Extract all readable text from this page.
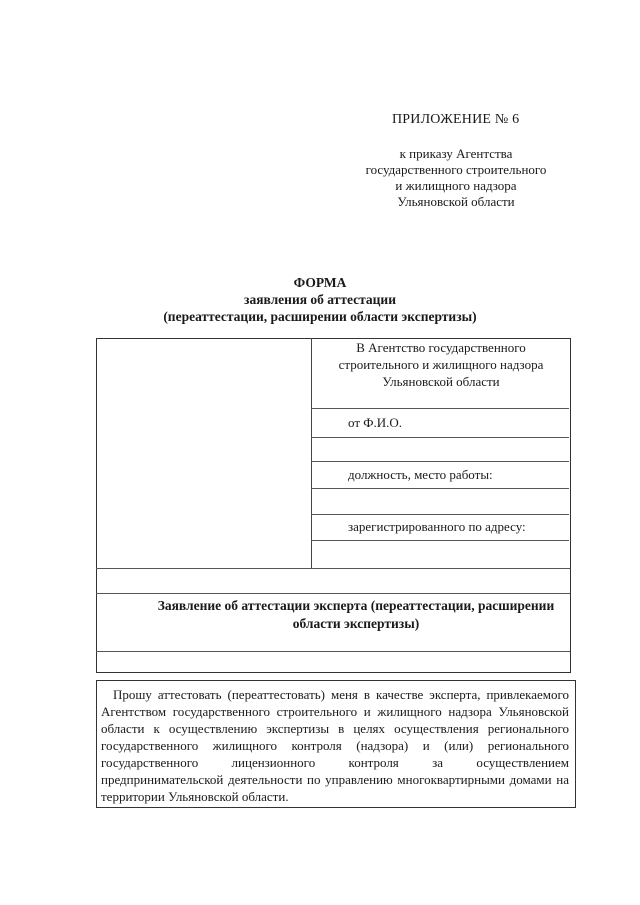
ПРИЛОЖЕНИЕ № 6
к приказу Агентства
государственного строительного
и жилищного надзора
Ульяновской области
ФОРМА
заявления об аттестации
(переаттестации, расширении области экспертизы)
В Агентство государственного
строительного и жилищного надзора
Ульяновской области
от Ф.И.О.
должность, место работы:
зарегистрированного по адресу:
Заявление об аттестации эксперта (переаттестации, расширении
области экспертизы)
Прошу аттестовать (переаттестовать) меня в качестве эксперта, привлекаемого Агентством государственного строительного и жилищного надзора Ульяновской области к осуществлению экспертизы в целях осуществления регионального государственного жилищного контроля (надзора) и (или) регионального государственного лицензионного контроля за осуществлением предпринимательской деятельности по управлению многоквартирными домами на территории Ульяновской области.
